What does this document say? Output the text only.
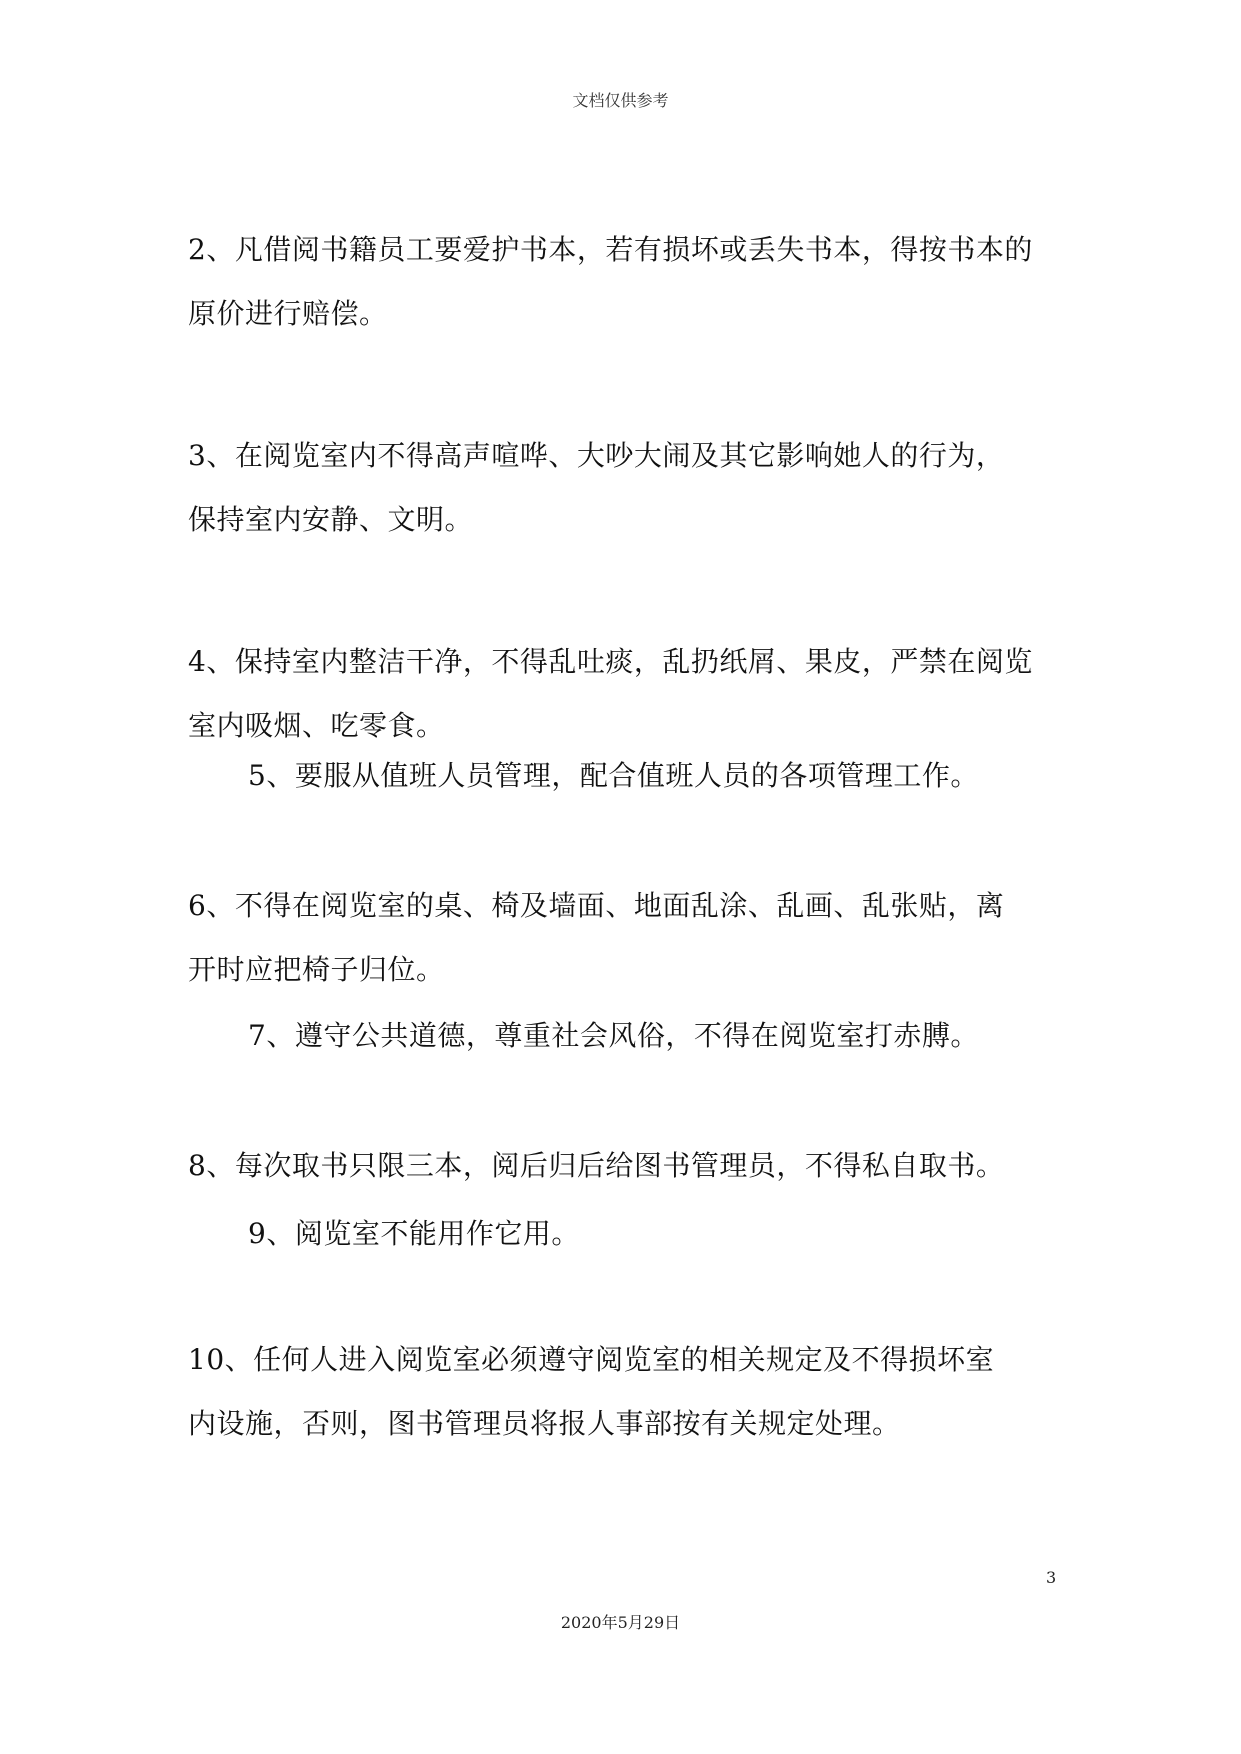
文档仅供参考
2、凡借阅书籍员工要爱护书本，若有损坏或丢失书本，得按书本的
原价进行赔偿。
3、在阅览室内不得高声喧哗、大吵大闹及其它影响她人的行为，
保持室内安静、文明。
4、保持室内整洁干净，不得乱吐痰，乱扔纸屑、果皮，严禁在阅览
室内吸烟、吃零食。
5、要服从值班人员管理，配合值班人员的各项管理工作。
6、不得在阅览室的桌、椅及墙面、地面乱涂、乱画、乱张贴，离
开时应把椅子归位。
7、遵守公共道德，尊重社会风俗，不得在阅览室打赤膊。
8、每次取书只限三本，阅后归后给图书管理员，不得私自取书。
9、阅览室不能用作它用。
10、任何人进入阅览室必须遵守阅览室的相关规定及不得损坏室
内设施，否则，图书管理员将报人事部按有关规定处理。
3
2020年5月29日
